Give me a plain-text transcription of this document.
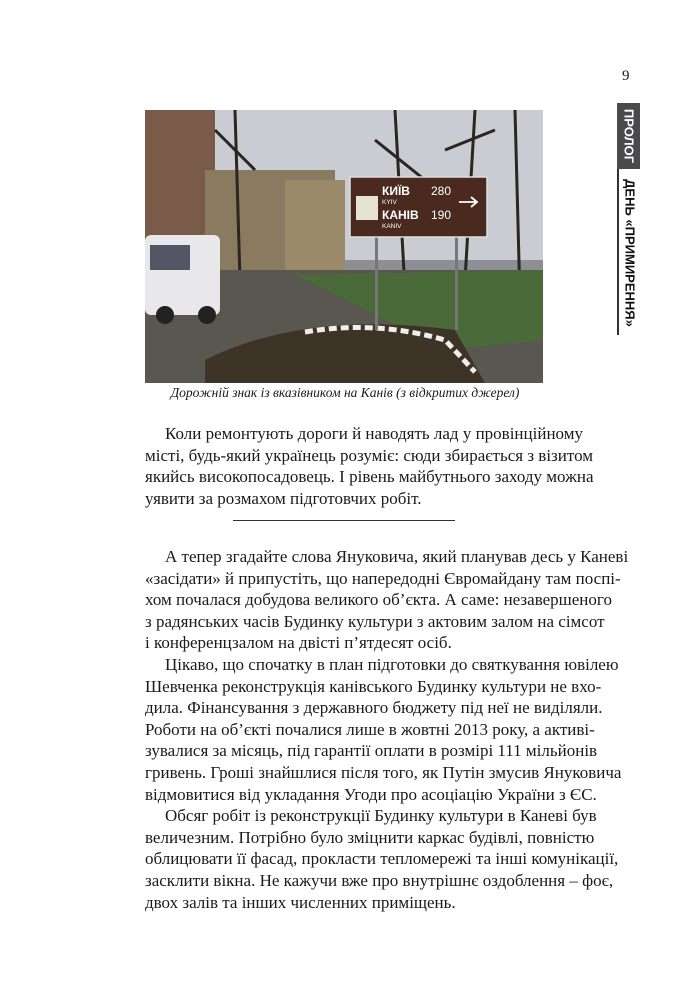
9
ПРОЛОГ
ДЕНЬ «ПРИМИРЕННЯ»
КИЇВ
KYIV
280
КАНІВ
KANIV
190
Дорожній знак із вказівником на Канів (з відкритих джерел)
Коли ремонтують дороги й наводять лад у провінційному
місті, будь-який українець розуміє: сюди збирається з візитом
якийсь високопосадовець. І рівень майбутнього заходу можна
уявити за розмахом підготовчих робіт.
А тепер згадайте слова Януковича, який планував десь у Каневі
«засідати» й припустіть, що напередодні Євромайдану там поспі-
хом почалася добудова великого об’єкта. А саме: незавершеного
з радянських часів Будинку культури з актовим залом на сімсот
і конференцзалом на двісті п’ятдесят осіб.
Цікаво, що спочатку в план підготовки до святкування ювілею
Шевченка реконструкція канівського Будинку культури не вхо-
дила. Фінансування з державного бюджету під неї не виділяли.
Роботи на об’єкті почалися лише в жовтні 2013 року, а активі-
зувалися за місяць, під гарантії оплати в розмірі 111 мільйонів
гривень. Гроші знайшлися після того, як Путін змусив Януковича
відмовитися від укладання Угоди про асоціацію України з ЄС.
Обсяг робіт із реконструкції Будинку культури в Каневі був
величезним. Потрібно було зміцнити каркас будівлі, повністю
облицювати її фасад, прокласти тепломережі та інші комунікації,
засклити вікна. Не кажучи вже про внутрішнє оздоблення – фоє,
двох залів та інших численних приміщень.
